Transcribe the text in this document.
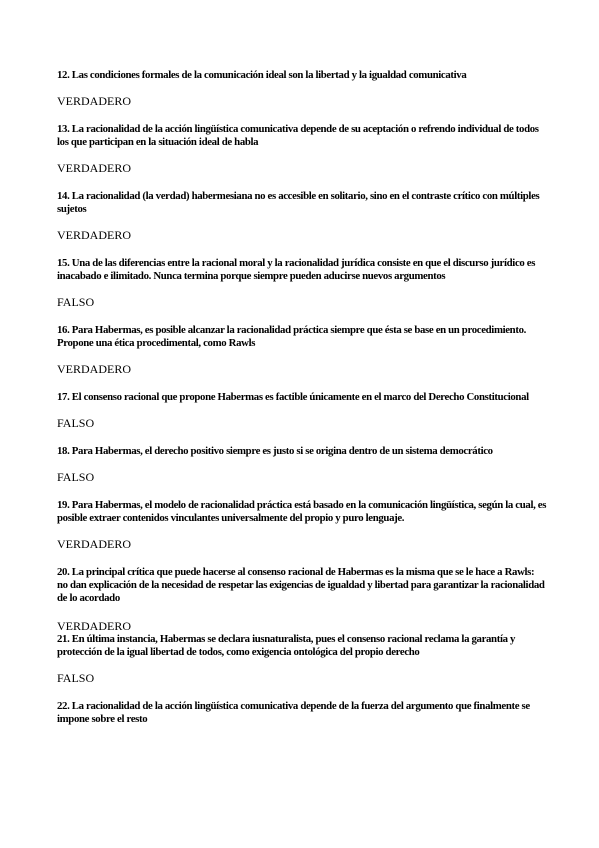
12. Las condiciones formales de la comunicación ideal son la libertad y la igualdad comunicativa

VERDADERO

13. La racionalidad de la acción lingüística comunicativa depende de su aceptación o refrendo individual de todos los que participan en la situación ideal de habla

VERDADERO

14. La racionalidad (la verdad) habermesiana no es accesible en solitario, sino en el contraste crítico con múltiples sujetos

VERDADERO

15. Una de las diferencias entre la racional moral y la racionalidad jurídica consiste en que el discurso jurídico es inacabado e ilimitado. Nunca termina porque siempre pueden aducirse nuevos argumentos

FALSO

16. Para Habermas, es posible alcanzar la racionalidad práctica siempre que ésta se base en un procedimiento. Propone una ética procedimental, como Rawls

VERDADERO

17. El consenso racional que propone Habermas es factible únicamente en el marco del Derecho Constitucional

FALSO

18. Para Habermas, el derecho positivo siempre es justo si se origina dentro de un sistema democrático

FALSO

19. Para Habermas, el modelo de racionalidad práctica está basado en la comunicación lingüística, según la cual, es posible extraer contenidos vinculantes universalmente del propio y puro lenguaje.

VERDADERO

20. La principal crítica que puede hacerse al consenso racional de Habermas es la misma que se le hace a Rawls: no dan explicación de la necesidad de respetar las exigencias de igualdad y libertad para garantizar la racionalidad de lo acordado

VERDADERO

21. En última instancia, Habermas se declara iusnaturalista, pues el consenso racional reclama la garantía y protección de la igual libertad de todos, como exigencia ontológica del propio derecho

FALSO

22. La racionalidad de la acción lingüística comunicativa depende de la fuerza del argumento que finalmente se impone sobre el resto
